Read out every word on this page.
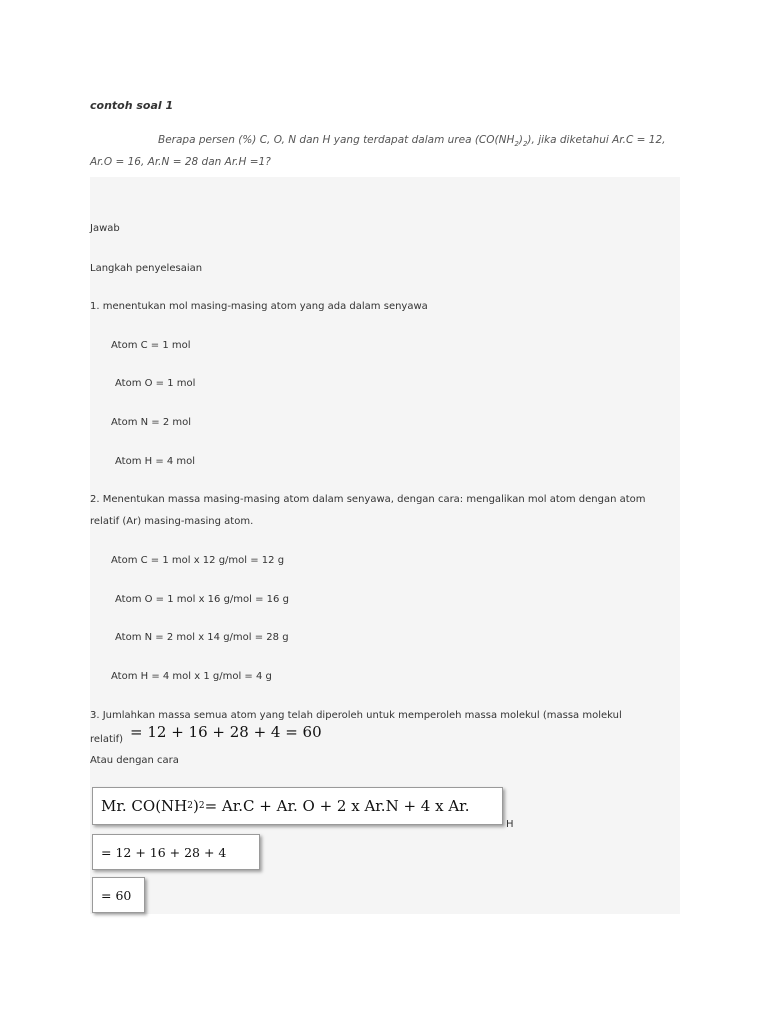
contoh soal 1
Berapa persen (%) C, O, N dan H yang terdapat dalam urea $(CO(NH_2)_2)$, jika diketahui Ar.C = 12, Ar.O = 16, Ar.N = 28 dan Ar.H =1?
Jawab
Langkah penyelesaian
1. menentukan mol masing-masing atom yang ada dalam senyawa
Atom C = 1 mol
Atom O = 1 mol
Atom N = 2 mol
Atom H = 4 mol
2. Menentukan massa masing-masing atom dalam senyawa, dengan cara: mengalikan mol atom dengan atom relatif (Ar) masing-masing atom.
Atom C = 1 mol x 12 g/mol = 12 g
Atom O = 1 mol x 16 g/mol = 16 g
Atom N = 2 mol x 14 g/mol = 28 g
Atom H = 4 mol x 1 g/mol = 4 g
3. Jumlahkan massa semua atom yang telah diperoleh untuk memperoleh massa molekul (massa molekul
relatif) = 12 + 16 + 28 + 4 = 60
Atau dengan cara
Mr. CO(NH 2 ) 2 = Ar.C + Ar. O + 2 x Ar.N + 4 x Ar.
H
= 12 + 16 + 28 + 4
= 60
